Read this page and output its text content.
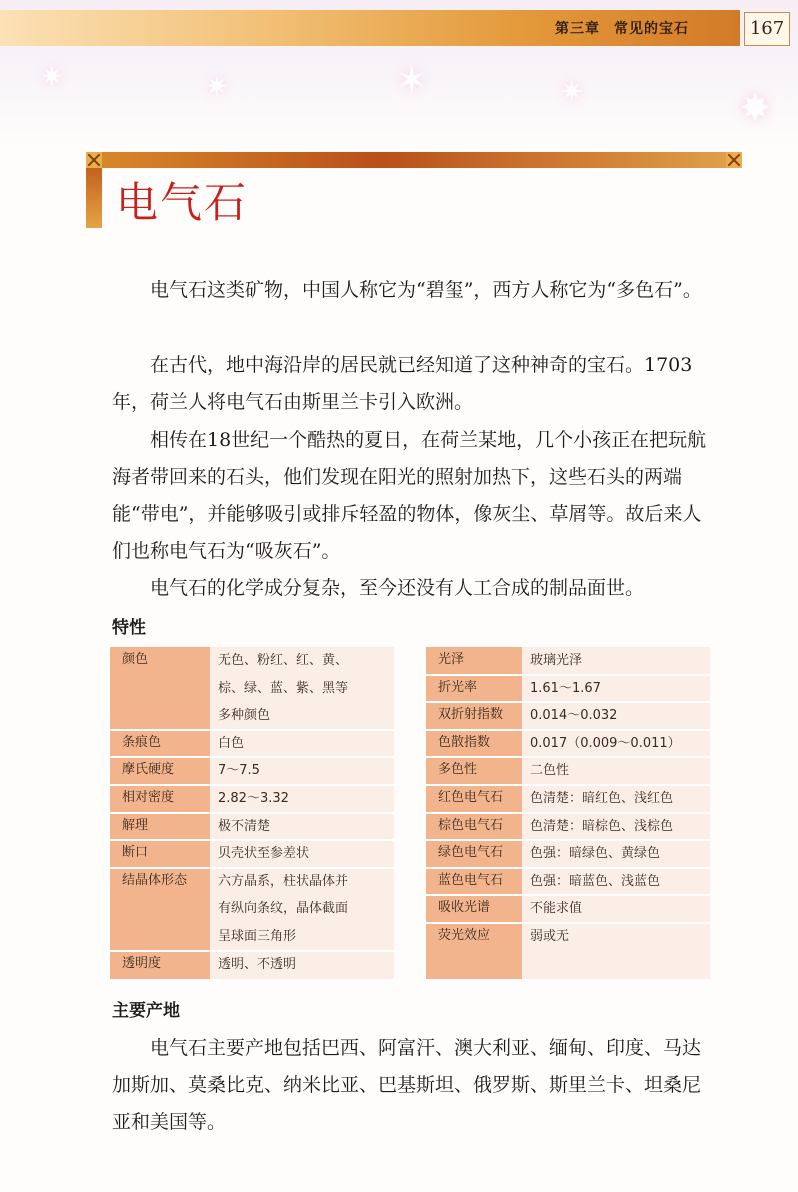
✷	✷	✶	✷	✸
第三章 常见的宝石	167
电气石

电气石这类矿物，中国人称它为“碧玺”，西方人称它为“多色石”。

在古代，地中海沿岸的居民就已经知道了这种神奇的宝石。1703年，荷兰人将电气石由斯里兰卡引入欧洲。

相传在18世纪一个酷热的夏日，在荷兰某地，几个小孩正在把玩航海者带回来的石头，他们发现在阳光的照射加热下，这些石头的两端能“带电”，并能够吸引或排斥轻盈的物体，像灰尘、草屑等。故后来人们也称电气石为“吸灰石”。

电气石的化学成分复杂，至今还没有人工合成的制品面世。

特性
颜色	无色、粉红、红、黄、
棕、绿、蓝、紫、黑等
多种颜色
条痕色	白色
摩氏硬度	7～7.5
相对密度	2.82～3.32
解理	极不清楚
断口	贝壳状至参差状
结晶体形态	六方晶系，柱状晶体并
有纵向条纹，晶体截面
呈球面三角形
透明度	透明、不透明
光泽	玻璃光泽
折光率	1.61～1.67
双折射指数	0.014～0.032
色散指数	0.017（0.009～0.011）
多色性	二色性
红色电气石	色清楚：暗红色、浅红色
棕色电气石	色清楚：暗棕色、浅棕色
绿色电气石	色强：暗绿色、黄绿色
蓝色电气石	色强：暗蓝色、浅蓝色
吸收光谱	不能求值
荧光效应	弱或无
主要产地

电气石主要产地包括巴西、阿富汗、澳大利亚、缅甸、印度、马达加斯加、莫桑比克、纳米比亚、巴基斯坦、俄罗斯、斯里兰卡、坦桑尼亚和美国等。
